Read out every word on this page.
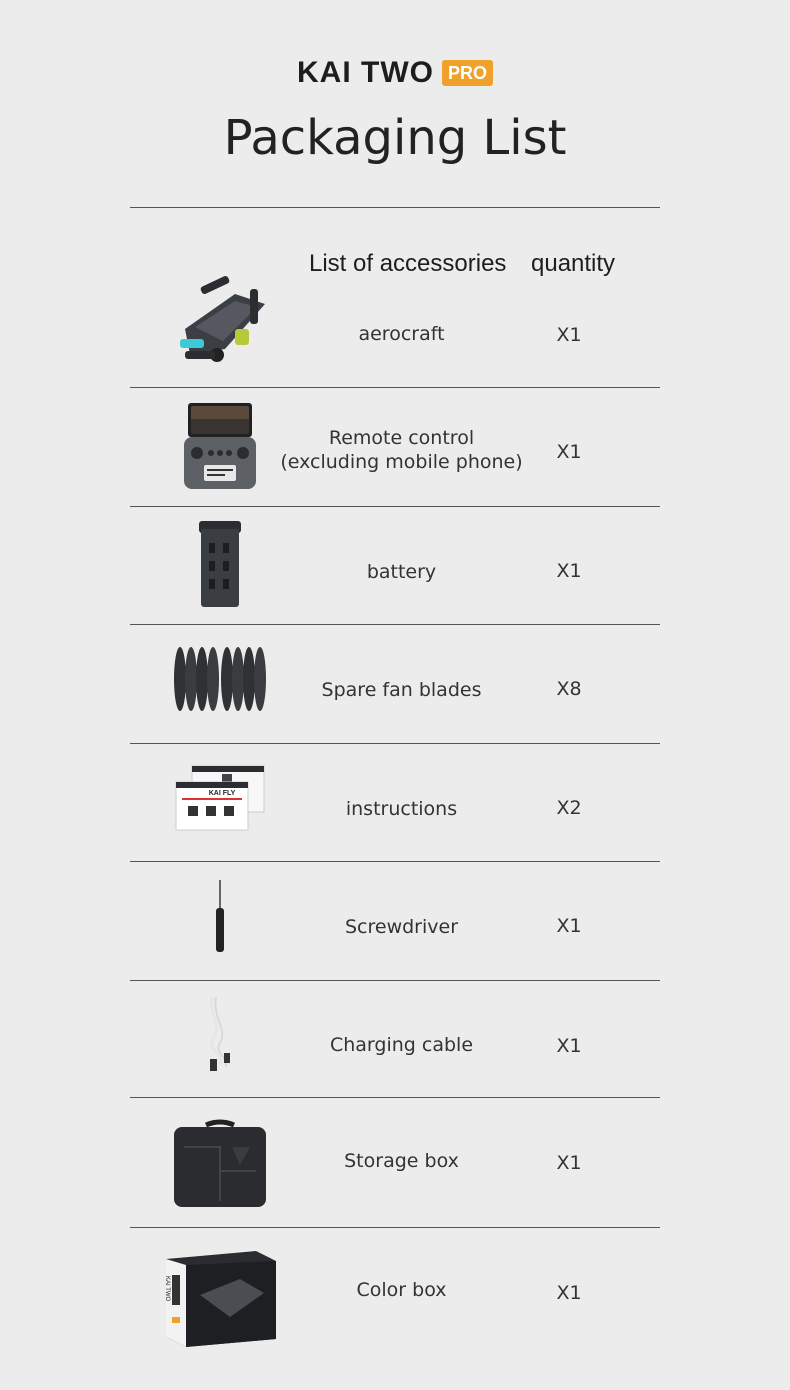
KAI TWO PRO
Packaging List
List of accessories quantity
aerocraft	X1
Remote control
(excluding mobile phone)	X1
battery	X1
Spare fan blades	X8
KAI FLY
instructions	X2
Screwdriver	X1
Charging cable	X1
Storage box	X1
Color box	X1
KAI TWO
